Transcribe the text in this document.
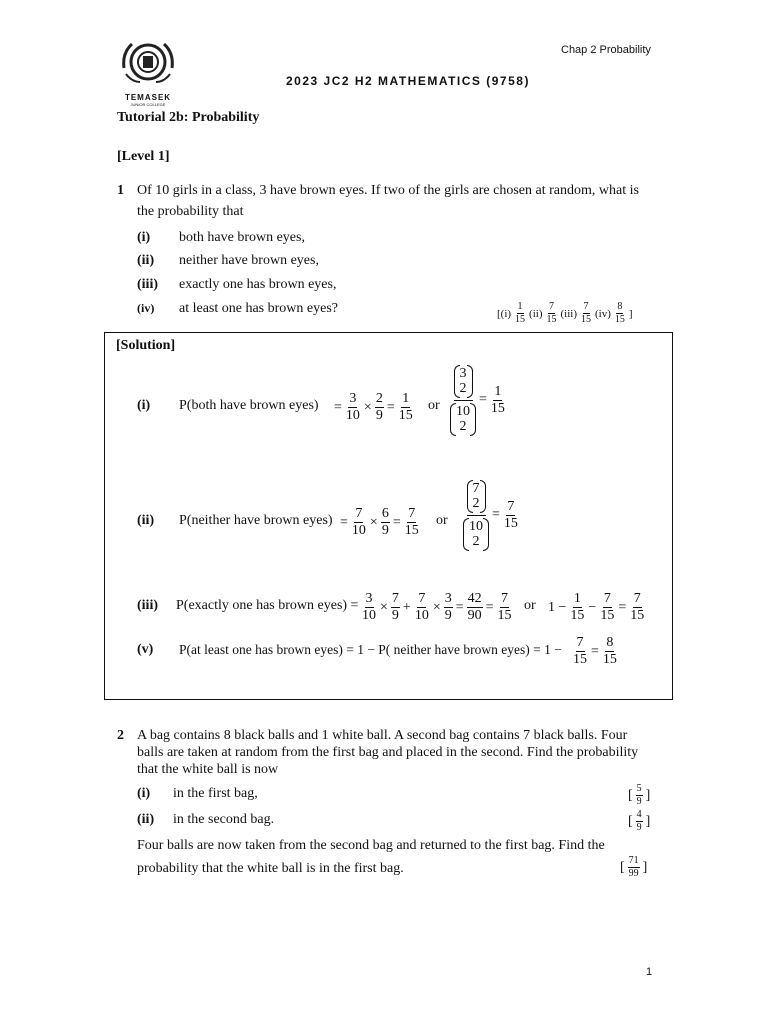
TEMASEK
JUNIOR COLLEGE
Chap 2 Probability
2023 JC2 H2 MATHEMATICS (9758)
Tutorial 2b: Probability
[Level 1]
1 Of 10 girls in a class, 3 have brown eyes. If two of the girls are chosen at random, what is
the probability that
(i) both have brown eyes,
(ii) neither have brown eyes,
(iii) exactly one has brown eyes,
(iv) at least one has brown eyes?	[$(i) \frac{1}{15} (ii) \frac{7}{15} (iii) \frac{7}{15} (iv) \frac{8}{15}$ ]
[Solution]
(i) P(both have brown eyes) = $\frac{3}{10} \times \frac{2}{9} = \frac{1}{15}$ or 3
2
10
$2 = \frac{1}{15}$
(ii) P(neither have brown eyes) = $\frac{7}{10} \times \frac{6}{9} = \frac{7}{15}$ or 7
2
10
$2 = \frac{7}{15}$
(iii) P(exactly one has brown eyes) = $\frac{3}{10} \times \frac{7}{9} + \frac{7}{10} \times \frac{3}{9} = \frac{42}{90} = \frac{7}{15}$ or $1 - \frac{1}{15} - \frac{7}{15} = \frac{7}{15}$
(v) P(at least one has brown eyes) = 1 − P( neither have brown eyes) = $1 - \frac{7}{15} = \frac{8}{15}$
2 A bag contains 8 black balls and 1 white ball. A second bag contains 7 black balls. Four
balls are taken at random from the first bag and placed in the second. Find the probability
that the white ball is now
(i) in the first bag,	[ $\frac{5}{9}$ ]
(ii) in the second bag.	[ $\frac{4}{9}$ ]
Four balls are now taken from the second bag and returned to the first bag. Find the
probability that the white ball is in the first bag.	[ $\frac{71}{99}$ ]
1
